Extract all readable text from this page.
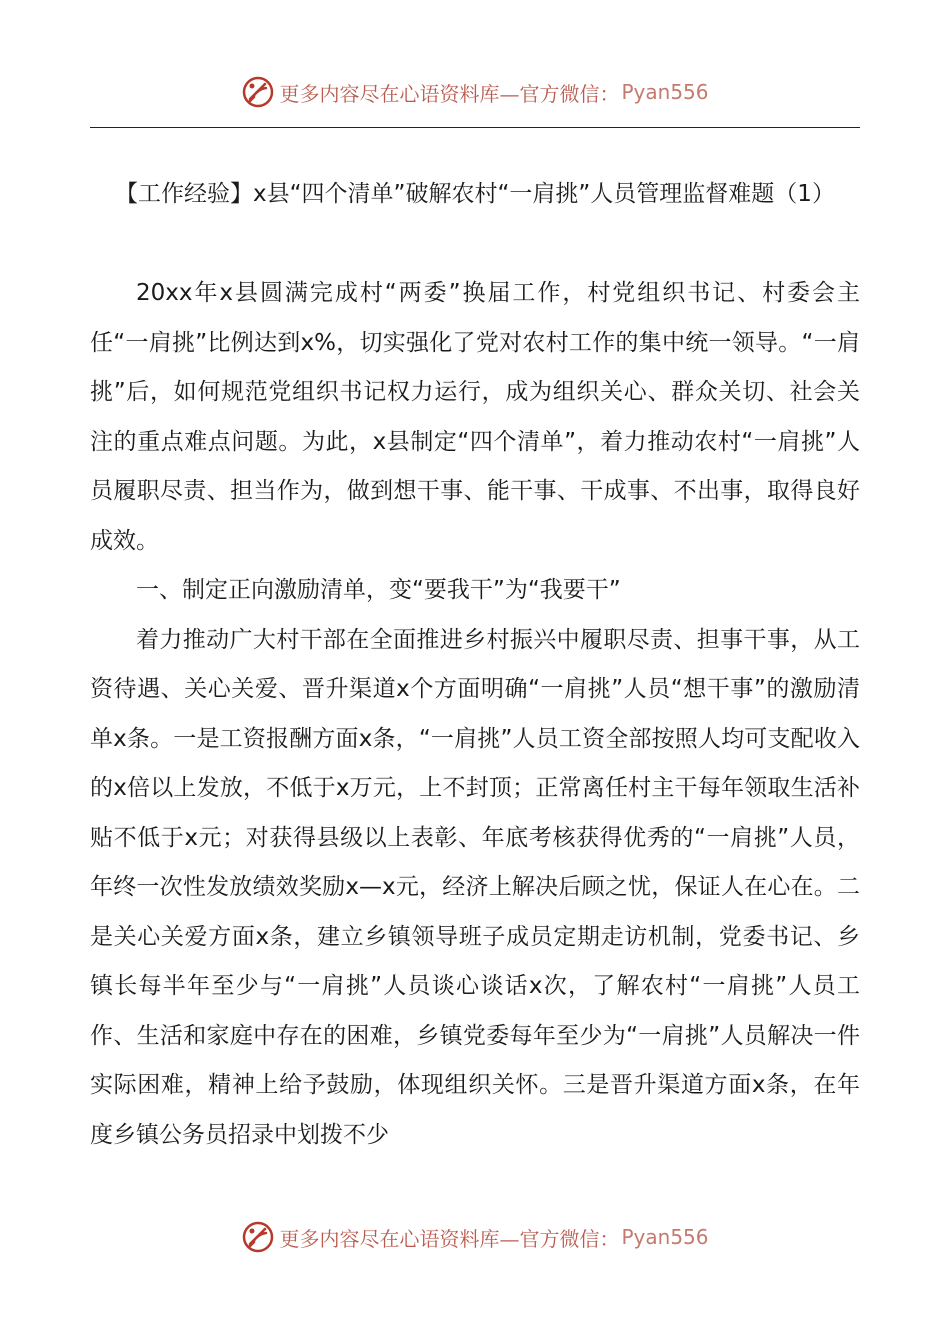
更多内容尽在心语资料库—官方微信： Pyan556
【工作经验】x县“四个清单”破解农村“一肩挑”人员管理监督难题（1）

20xx年x县圆满完成村“两委”换届工作，村党组织书记、村委会主任“一肩挑”比例达到x%，切实强化了党对农村工作的集中统一领导。“一肩挑”后，如何规范党组织书记权力运行，成为组织关心、群众关切、社会关注的重点难点问题。为此，x县制定“四个清单”，着力推动农村“一肩挑”人员履职尽责、担当作为，做到想干事、能干事、干成事、不出事，取得良好成效。

一、制定正向激励清单，变“要我干”为“我要干”

着力推动广大村干部在全面推进乡村振兴中履职尽责、担事干事，从工资待遇、关心关爱、晋升渠道x个方面明确“一肩挑”人员“想干事”的激励清单x条。一是工资报酬方面x条，“一肩挑”人员工资全部按照人均可支配收入的x倍以上发放，不低于x万元，上不封顶；正常离任村主干每年领取生活补贴不低于x元；对获得县级以上表彰、年底考核获得优秀的“一肩挑”人员，年终一次性发放绩效奖励x—x元，经济上解决后顾之忧，保证人在心在。二是关心关爱方面x条，建立乡镇领导班子成员定期走访机制，党委书记、乡镇长每半年至少与“一肩挑”人员谈心谈话x次，了解农村“一肩挑”人员工作、生活和家庭中存在的困难，乡镇党委每年至少为“一肩挑”人员解决一件实际困难，精神上给予鼓励，体现组织关怀。三是晋升渠道方面x条，在年度乡镇公务员招录中划拨不少

更多内容尽在心语资料库—官方微信： Pyan556
